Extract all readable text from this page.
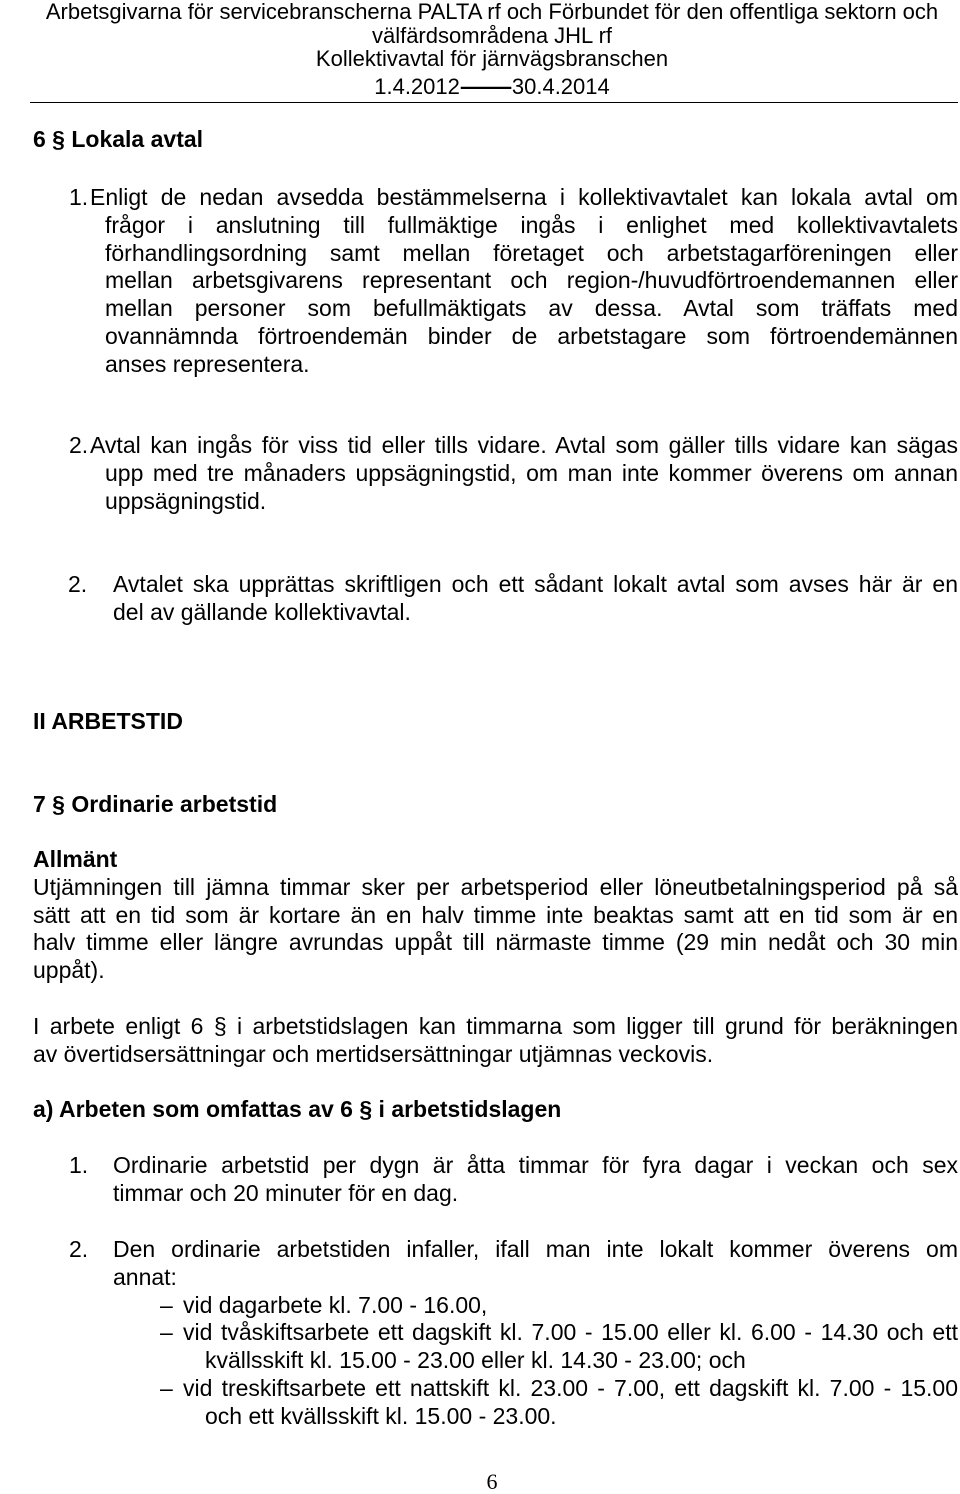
Arbetsgivarna för servicebranscherna PALTA rf och Förbundet för den offentliga sektorn och
välfärdsområdena JHL rf
Kollektivavtal för järnvägsbranschen
1.4.2012—30.4.2014
6 § Lokala avtal
1. Enligt de nedan avsedda bestämmelserna i kollektivavtalet kan lokala avtal om
frågor i anslutning till fullmäktige ingås i enlighet med kollektivavtalets
förhandlingsordning samt mellan företaget och arbetstagarföreningen eller
mellan arbetsgivarens representant och region-/huvudförtroendemannen eller
mellan personer som befullmäktigats av dessa. Avtal som träffats med
ovannämnda förtroendemän binder de arbetstagare som förtroendemännen
anses representera.
2. Avtal kan ingås för viss tid eller tills vidare. Avtal som gäller tills vidare kan sägas
upp med tre månaders uppsägningstid, om man inte kommer överens om annan
uppsägningstid.
2. Avtalet ska upprättas skriftligen och ett sådant lokalt avtal som avses här är en
del av gällande kollektivavtal.
II ARBETSTID
7 § Ordinarie arbetstid
Allmänt
Utjämningen till jämna timmar sker per arbetsperiod eller löneutbetalningsperiod på så
sätt att en tid som är kortare än en halv timme inte beaktas samt att en tid som är en
halv timme eller längre avrundas uppåt till närmaste timme (29 min nedåt och 30 min
uppåt).
I arbete enligt 6 § i arbetstidslagen kan timmarna som ligger till grund för beräkningen
av övertidsersättningar och mertidsersättningar utjämnas veckovis.
a) Arbeten som omfattas av 6 § i arbetstidslagen
1. Ordinarie arbetstid per dygn är åtta timmar för fyra dagar i veckan och sex
timmar och 20 minuter för en dag.
2. Den ordinarie arbetstiden infaller, ifall man inte lokalt kommer överens om
annat:
– vid dagarbete kl. 7.00 - 16.00,
– vid tvåskiftsarbete ett dagskift kl. 7.00 - 15.00 eller kl. 6.00 - 14.30 och ett
kvällsskift kl. 15.00 - 23.00 eller kl. 14.30 - 23.00; och
– vid treskiftsarbete ett nattskift kl. 23.00 - 7.00, ett dagskift kl. 7.00 - 15.00
och ett kvällsskift kl. 15.00 - 23.00.
6
